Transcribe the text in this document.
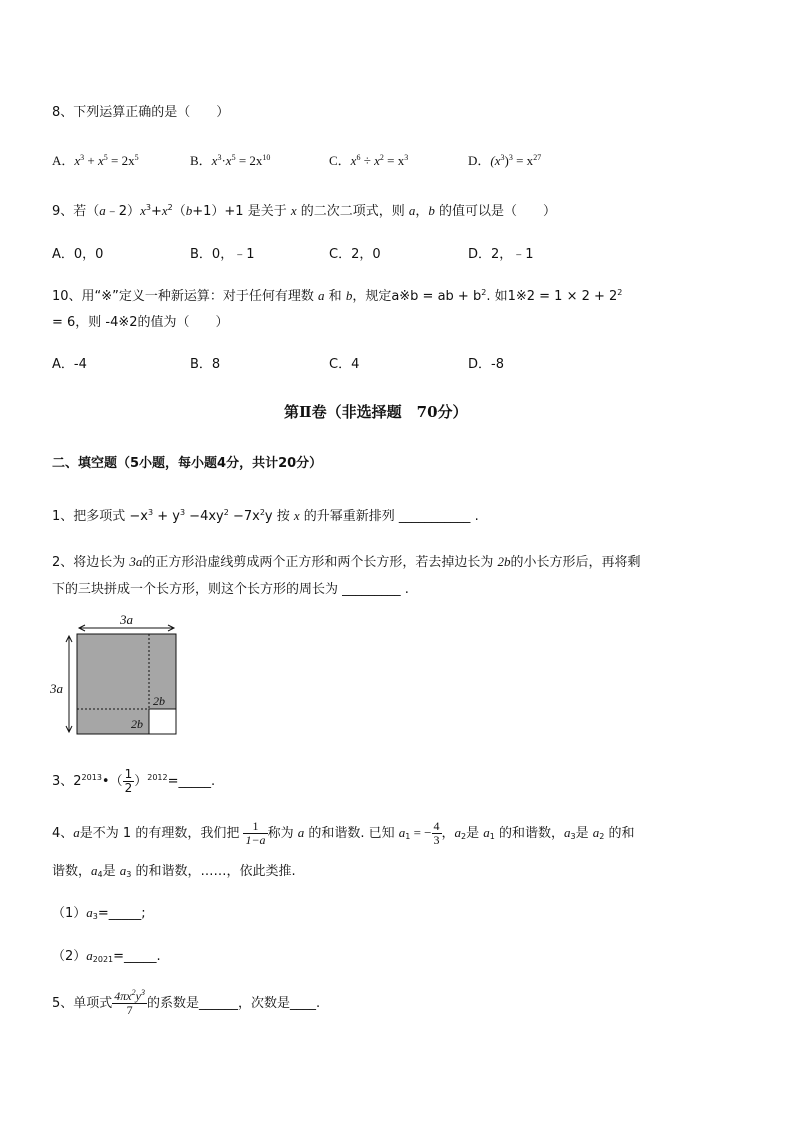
8、下列运算正确的是（　　）
A．$x^3 + x^5 = 2x^5$	B．$x^3\cdot x^5 = 2x^{10}$	C．$x^6 \div x^2 = x^3$	D．$(x^3)^3 = x^{27}$
9、若$(a﹣2)x^3+x^2(b+1)+1$ 是关于 x 的二次二项式，则 a，b 的值可以是（　　）
A．0，0	B．0，﹣1	C．2，0	D．2，﹣1
10、用“※”定义一种新运算：对于任何有理数 a 和 b，规定a※b = ab + $b^2$. 如1※2 = $1 \times 2 + 2^2$
= 6，则 -4※2的值为（　　）
A．-4	B．8	C．4	D．-8
第Ⅱ卷（非选择题　70分）
二、填空题（5小题，每小题4分，共计20分）
1、把多项式 $-x^3 + y^3 -4xy^2 -7x^2y$ 按 x 的升幂重新排列 ___________ .
2、将边长为 3a的正方形沿虚线剪成两个正方形和两个长方形，若去掉边长为 2b的小长方形后，再将剩
下的三块拼成一个长方形，则这个长方形的周长为 _________ .
3a
3a
2b
2b
3、$2^{2013}•( \frac{1}{2}$ ）$^{2012}$=_____.
4、a是不为 1 的有理数，我们把 $\frac{1}{1-a}$ 称为 a 的和谐数. 已知 $a_1$ = − $\frac{4}{3}$ ，$a_2$是 $a_1$ 的和谐数，$a_3$是 $a_2$ 的和
谐数，$a_4$是 $a_3$ 的和谐数，……，依此类推.
$(1)a_3=\_\_\_\_\_$;
$(2)a_{2021}=\_\_\_\_\_$.
5、单项式 $\frac{4\pi x^2y^3}{7}$ 的系数是______，次数是____.
